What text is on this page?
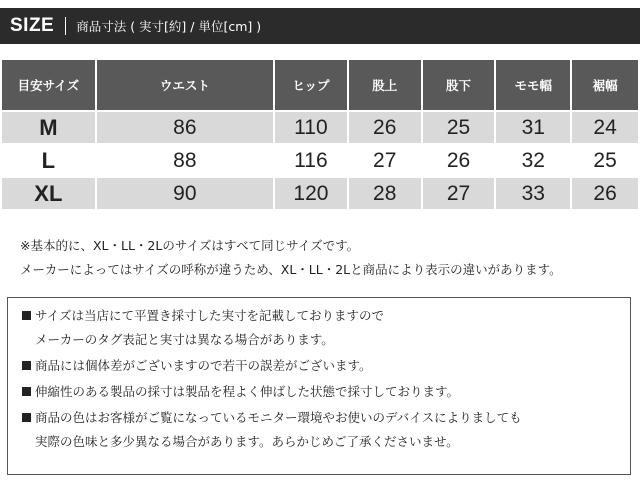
SIZE 商品寸法 ( 実寸[約] / 単位[cm] )
目安サイズ	ウエスト	ヒップ	股上	股下	モモ幅	裾幅
M	86	110	26	25	31	24
L	88	116	27	26	32	25
XL	90	120	28	27	33	26
※基本的に、XL・LL・2Lのサイズはすべて同じサイズです。
メーカーによってはサイズの呼称が違うため、XL・LL・2Lと商品により表示の違いがあります。
サイズは当店にて平置き採寸した実寸を記載しておりますので
メーカーのタグ表記と実寸は異なる場合があります。
商品には個体差がございますので若干の誤差がございます。
伸縮性のある製品の採寸は製品を程よく伸ばした状態で採寸しております。
商品の色はお客様がご覧になっているモニター環境やお使いのデバイスによりましても
実際の色味と多少異なる場合があります。あらかじめご了承くださいませ。
